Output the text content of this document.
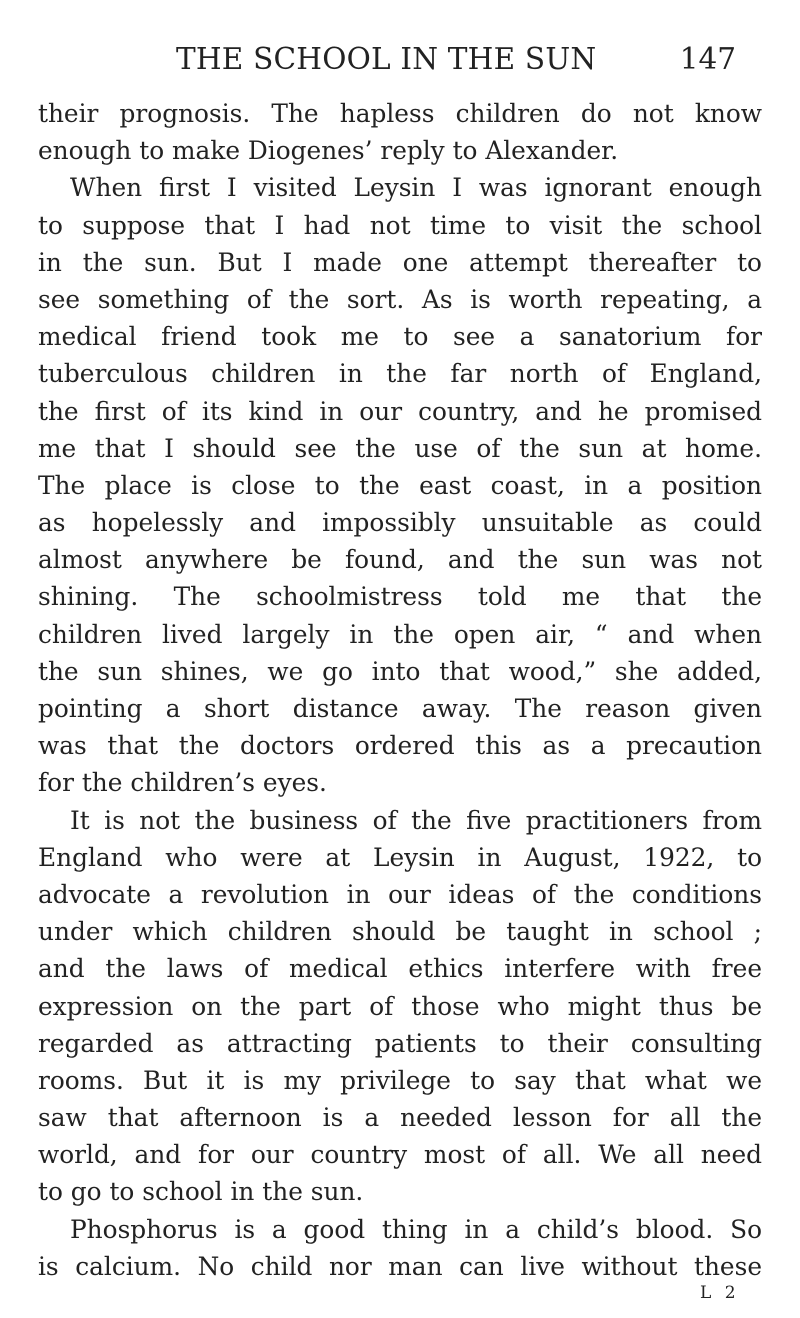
THE SCHOOL IN THE SUN	147
their prognosis. The hapless children do not know
enough to make Diogenes’ reply to Alexander.
When first I visited Leysin I was ignorant enough
to suppose that I had not time to visit the school
in the sun. But I made one attempt thereafter to
see something of the sort. As is worth repeating, a
medical friend took me to see a sanatorium for
tuberculous children in the far north of England,
the first of its kind in our country, and he promised
me that I should see the use of the sun at home.
The place is close to the east coast, in a position
as hopelessly and impossibly unsuitable as could
almost anywhere be found, and the sun was not
shining. The schoolmistress told me that the
children lived largely in the open air, “ and when
the sun shines, we go into that wood,” she added,
pointing a short distance away. The reason given
was that the doctors ordered this as a precaution
for the children’s eyes.
It is not the business of the five practitioners from
England who were at Leysin in August, 1922, to
advocate a revolution in our ideas of the conditions
under which children should be taught in school ;
and the laws of medical ethics interfere with free
expression on the part of those who might thus be
regarded as attracting patients to their consulting
rooms. But it is my privilege to say that what we
saw that afternoon is a needed lesson for all the
world, and for our country most of all. We all need
to go to school in the sun.
Phosphorus is a good thing in a child’s blood. So
is calcium. No child nor man can live without these
L 2
